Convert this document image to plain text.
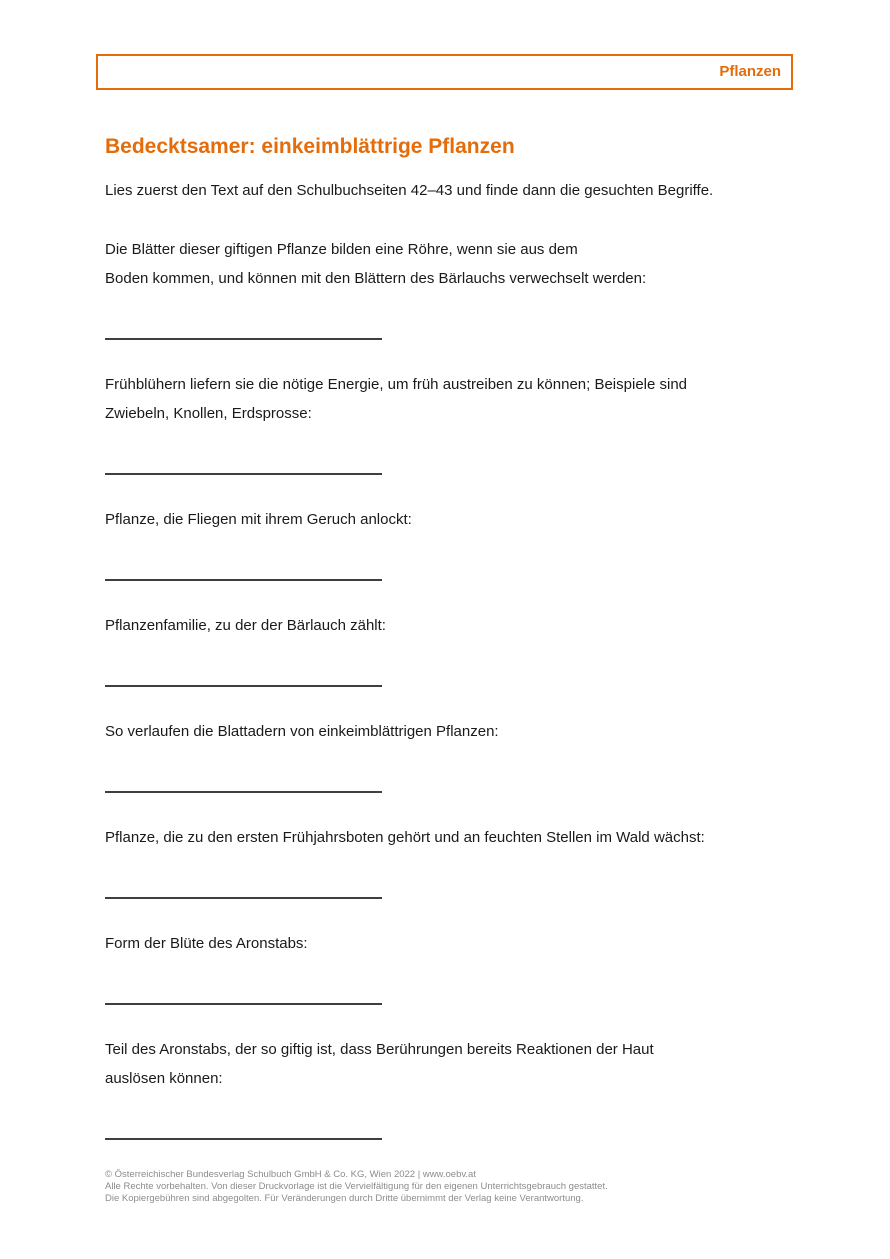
Pflanzen
Bedecktsamer: einkeimblättrige Pflanzen

Lies zuerst den Text auf den Schulbuchseiten 42–43 und finde dann die gesuchten Begriffe.

Die Blätter dieser giftigen Pflanze bilden eine Röhre, wenn sie aus dem
Boden kommen, und können mit den Blättern des Bärlauchs verwechselt werden:
Frühblühern liefern sie die nötige Energie, um früh austreiben zu können; Beispiele sind
Zwiebeln, Knollen, Erdsprosse:
Pflanze, die Fliegen mit ihrem Geruch anlockt:
Pflanzenfamilie, zu der der Bärlauch zählt:
So verlaufen die Blattadern von einkeimblättrigen Pflanzen:
Pflanze, die zu den ersten Frühjahrsboten gehört und an feuchten Stellen im Wald wächst:
Form der Blüte des Aronstabs:
Teil des Aronstabs, der so giftig ist, dass Berührungen bereits Reaktionen der Haut
auslösen können:
© Österreichischer Bundesverlag Schulbuch GmbH & Co. KG, Wien 2022 | www.oebv.at
Alle Rechte vorbehalten. Von dieser Druckvorlage ist die Vervielfältigung für den eigenen Unterrichtsgebrauch gestattet.
Die Kopiergebühren sind abgegolten. Für Veränderungen durch Dritte übernimmt der Verlag keine Verantwortung.
